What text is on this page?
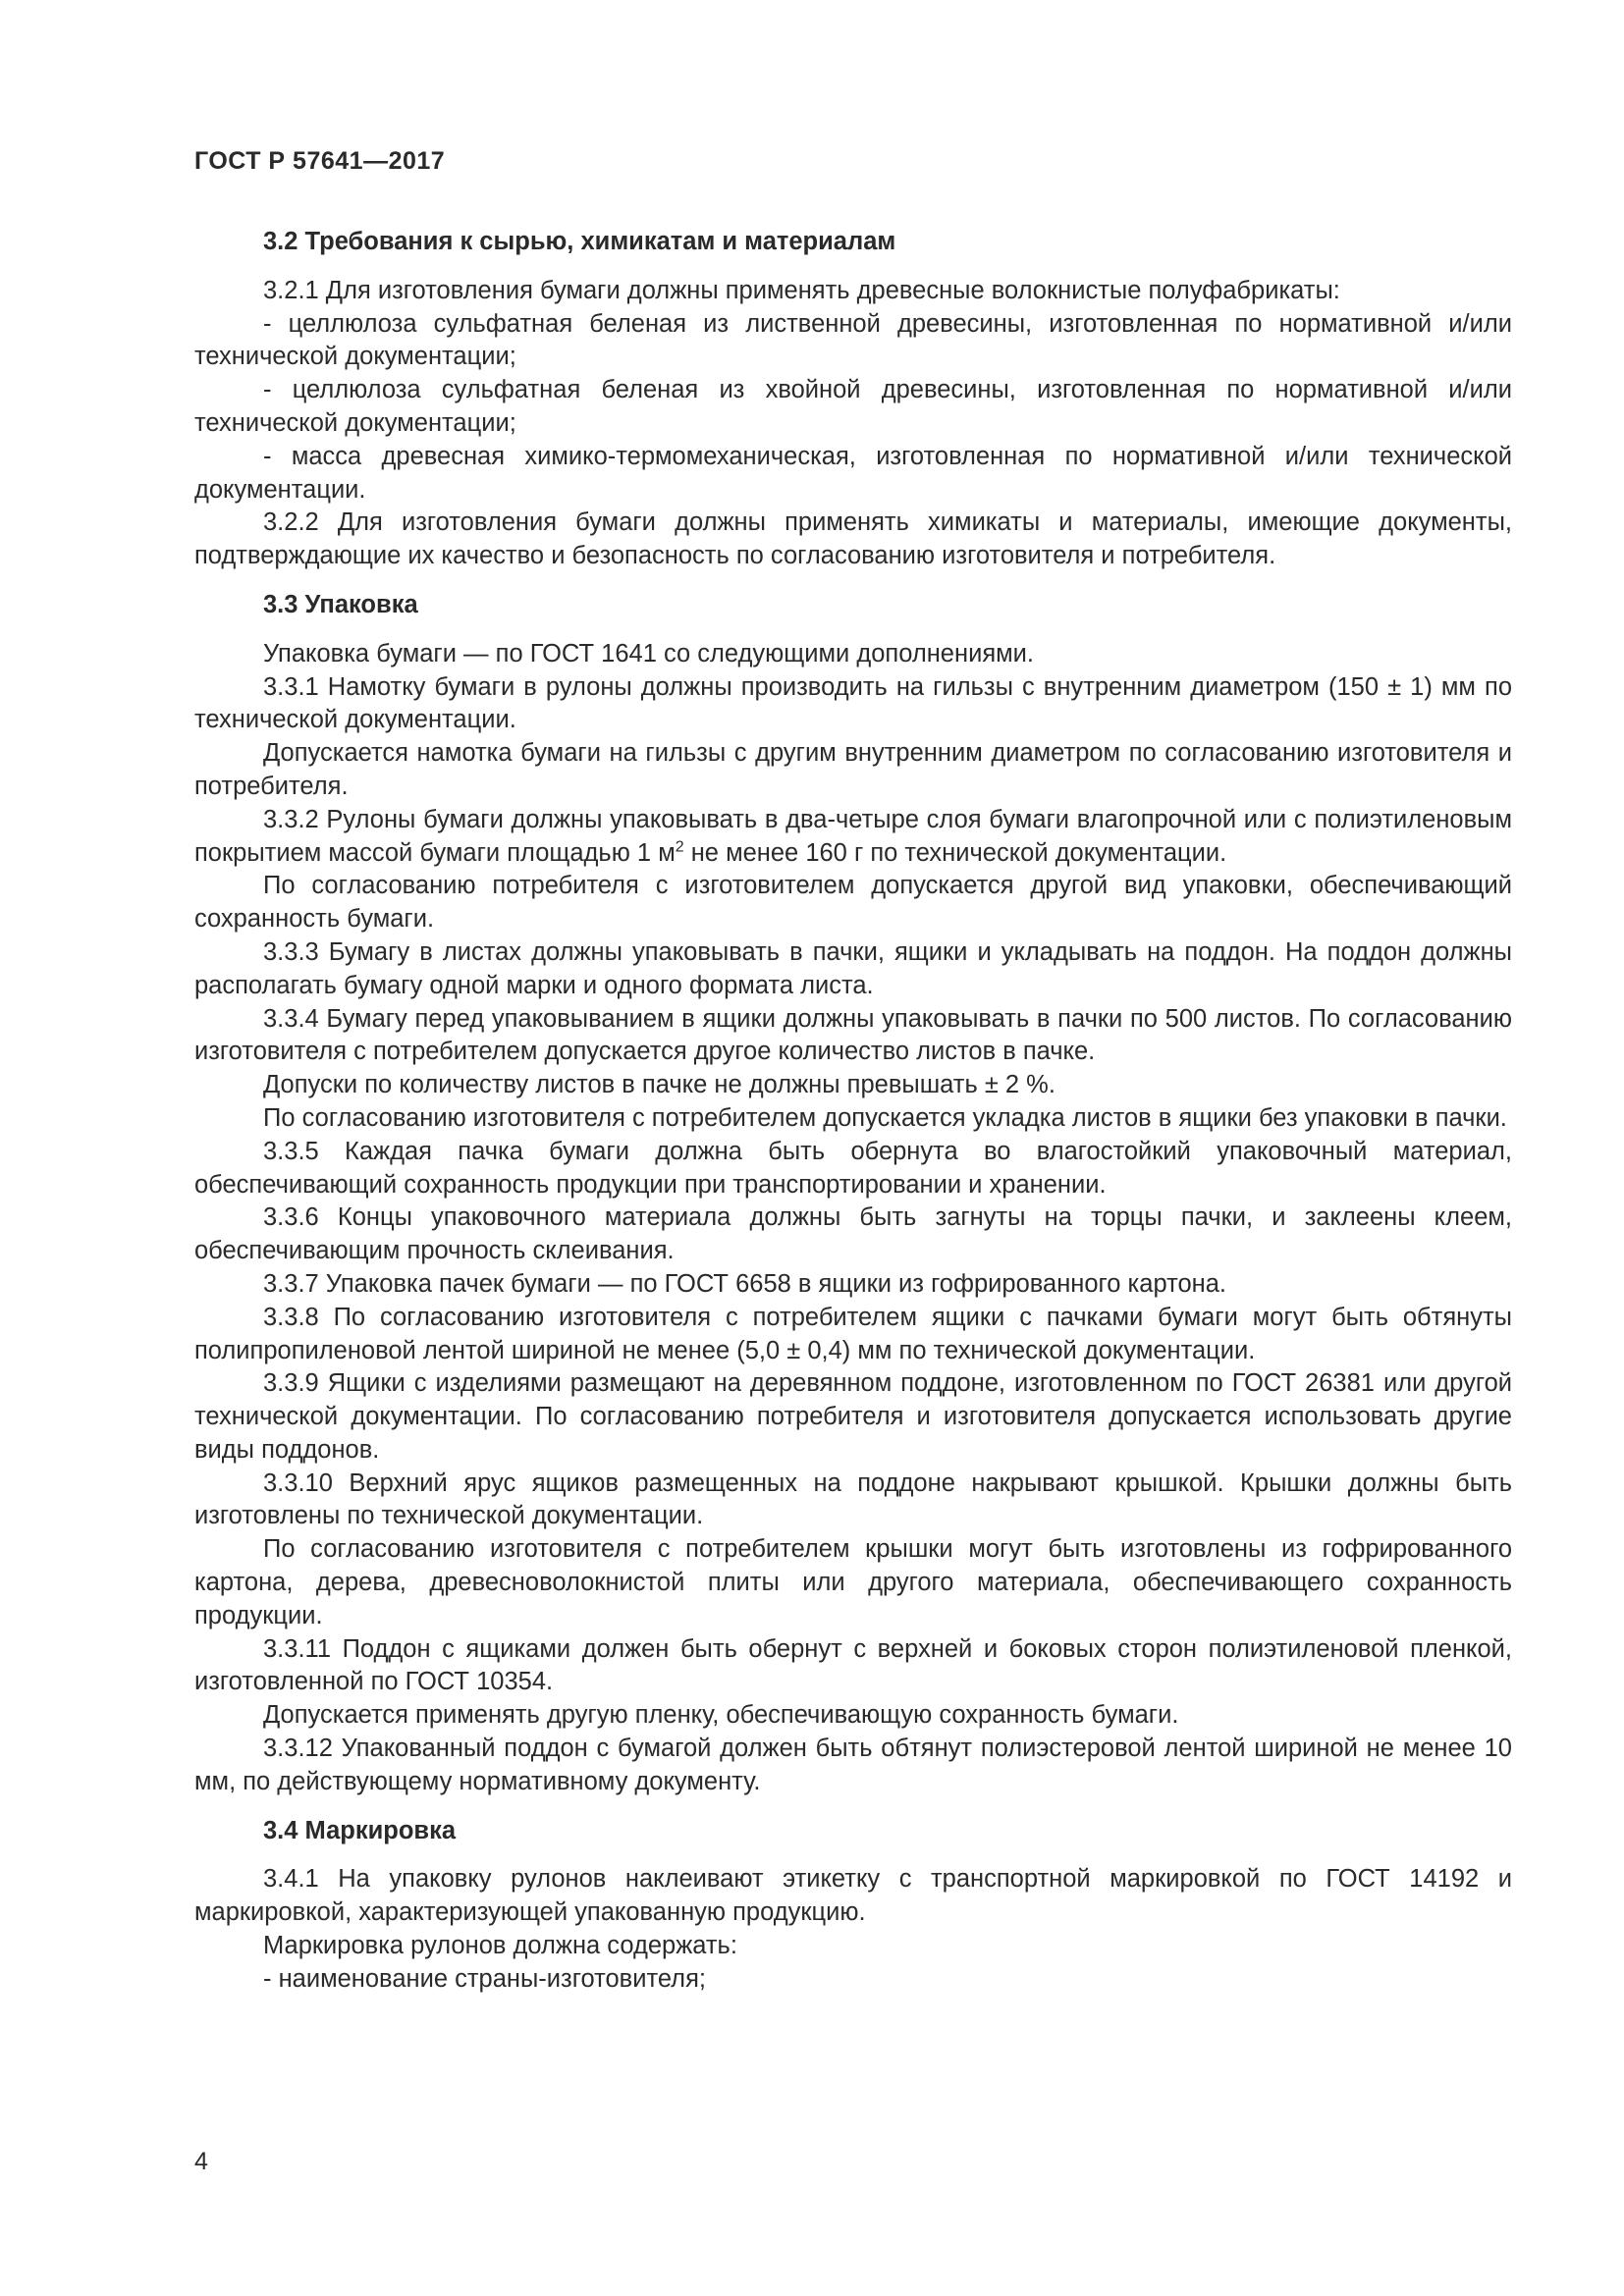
ГОСТ Р 57641—2017

3.2 Требования к сырью, химикатам и материалам

3.2.1 Для изготовления бумаги должны применять древесные волокнистые полуфабрикаты:

- целлюлоза сульфатная беленая из лиственной древесины, изготовленная по нормативной и/или технической документации;

- целлюлоза сульфатная беленая из хвойной древесины, изготовленная по нормативной и/или технической документации;

- масса древесная химико-термомеханическая, изготовленная по нормативной и/или технической документации.

3.2.2 Для изготовления бумаги должны применять химикаты и материалы, имеющие документы, подтверждающие их качество и безопасность по согласованию изготовителя и потребителя.

3.3 Упаковка

Упаковка бумаги — по ГОСТ 1641 со следующими дополнениями.

3.3.1 Намотку бумаги в рулоны должны производить на гильзы с внутренним диаметром (150 ± 1) мм по технической документации.

Допускается намотка бумаги на гильзы с другим внутренним диаметром по согласованию изготовителя и потребителя.

3.3.2 Рулоны бумаги должны упаковывать в два-четыре слоя бумаги влагопрочной или с полиэтиленовым покрытием массой бумаги площадью 1 $м^2$ не менее 160 г по технической документации.

По согласованию потребителя с изготовителем допускается другой вид упаковки, обеспечивающий сохранность бумаги.

3.3.3 Бумагу в листах должны упаковывать в пачки, ящики и укладывать на поддон. На поддон должны располагать бумагу одной марки и одного формата листа.

3.3.4 Бумагу перед упаковыванием в ящики должны упаковывать в пачки по 500 листов. По согласованию изготовителя с потребителем допускается другое количество листов в пачке.

Допуски по количеству листов в пачке не должны превышать ± 2 %.

По согласованию изготовителя с потребителем допускается укладка листов в ящики без упаковки в пачки.

3.3.5 Каждая пачка бумаги должна быть обернута во влагостойкий упаковочный материал, обеспечивающий сохранность продукции при транспортировании и хранении.

3.3.6 Концы упаковочного материала должны быть загнуты на торцы пачки, и заклеены клеем, обеспечивающим прочность склеивания.

3.3.7 Упаковка пачек бумаги — по ГОСТ 6658 в ящики из гофрированного картона.

3.3.8 По согласованию изготовителя с потребителем ящики с пачками бумаги могут быть обтянуты полипропиленовой лентой шириной не менее (5,0 ± 0,4) мм по технической документации.

3.3.9 Ящики с изделиями размещают на деревянном поддоне, изготовленном по ГОСТ 26381 или другой технической документации. По согласованию потребителя и изготовителя допускается использовать другие виды поддонов.

3.3.10 Верхний ярус ящиков размещенных на поддоне накрывают крышкой. Крышки должны быть изготовлены по технической документации.

По согласованию изготовителя с потребителем крышки могут быть изготовлены из гофрированного картона, дерева, древесноволокнистой плиты или другого материала, обеспечивающего сохранность продукции.

3.3.11 Поддон с ящиками должен быть обернут с верхней и боковых сторон полиэтиленовой пленкой, изготовленной по ГОСТ 10354.

Допускается применять другую пленку, обеспечивающую сохранность бумаги.

3.3.12 Упакованный поддон с бумагой должен быть обтянут полиэстеровой лентой шириной не менее 10 мм, по действующему нормативному документу.

3.4 Маркировка

3.4.1 На упаковку рулонов наклеивают этикетку с транспортной маркировкой по ГОСТ 14192 и маркировкой, характеризующей упакованную продукцию.

Маркировка рулонов должна содержать:

- наименование страны-изготовителя;

4
